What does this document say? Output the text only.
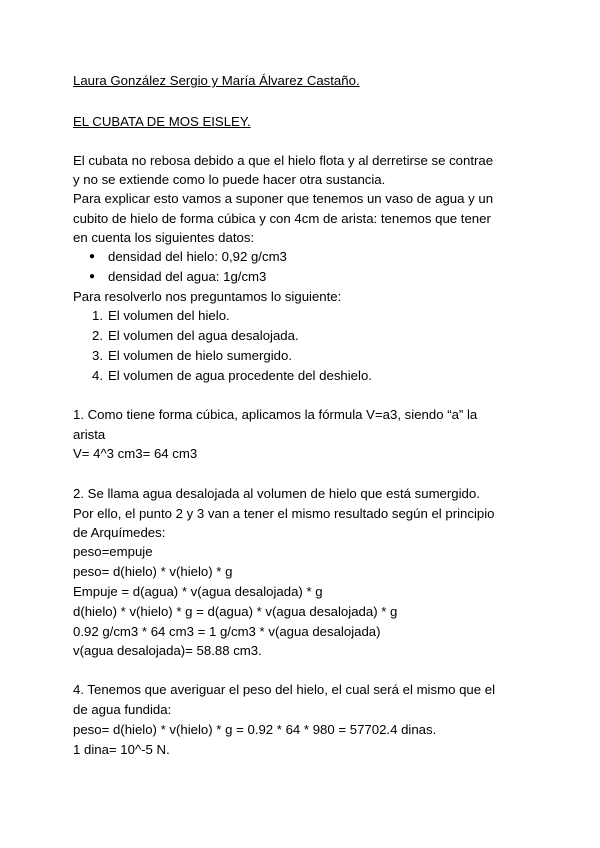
Laura González Sergio y María Álvarez Castaño.
EL CUBATA DE MOS EISLEY.
El cubata no rebosa debido a que el hielo flota y al derretirse se contrae
y no se extiende como lo puede hacer otra sustancia.
Para explicar esto vamos a suponer que tenemos un vaso de agua y un
cubito de hielo de forma cúbica y con 4cm de arista: tenemos que tener
en cuenta los siguientes datos:
● densidad del hielo: 0,92 g/cm3
● densidad del agua: 1g/cm3
Para resolverlo nos preguntamos lo siguiente:
1. El volumen del hielo.
2. El volumen del agua desalojada.
3. El volumen de hielo sumergido.
4. El volumen de agua procedente del deshielo.
1. Como tiene forma cúbica, aplicamos la fórmula V=a3, siendo “a” la
arista
V= 4^3 cm3= 64 cm3
2. Se llama agua desalojada al volumen de hielo que está sumergido.
Por ello, el punto 2 y 3 van a tener el mismo resultado según el principio
de Arquímedes:
peso=empuje
peso= d(hielo) * v(hielo) * g
Empuje = d(agua) * v(agua desalojada) * g
d(hielo) * v(hielo) * g = d(agua) * v(agua desalojada) * g
0.92 g/cm3 * 64 cm3 = 1 g/cm3 * v(agua desalojada)
v(agua desalojada)= 58.88 cm3.
4. Tenemos que averiguar el peso del hielo, el cual será el mismo que el
de agua fundida:
peso= d(hielo) * v(hielo) * g = 0.92 * 64 * 980 = 57702.4 dinas.
1 dina= 10^-5 N.
